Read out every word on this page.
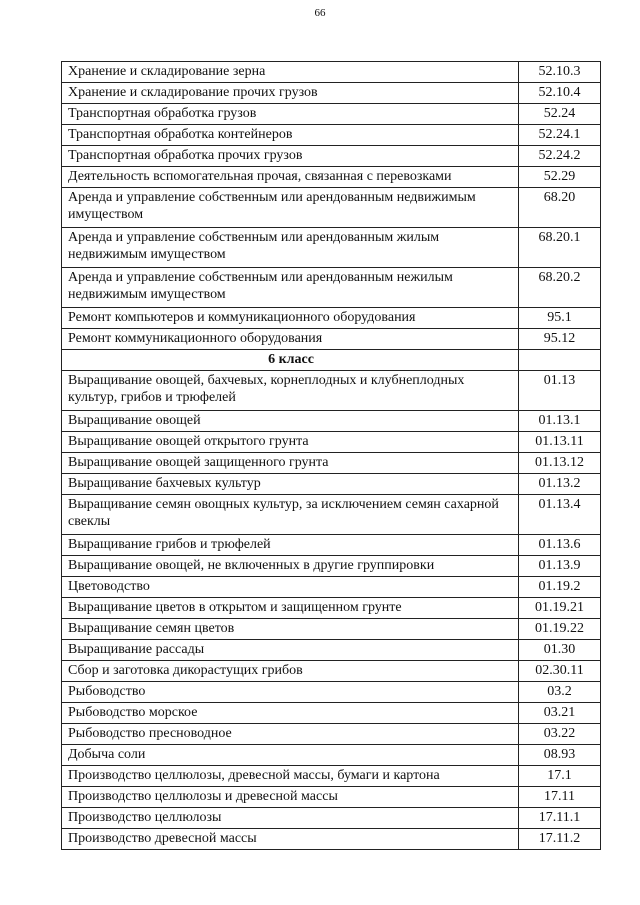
66
Хранение и складирование зерна	52.10.3
Хранение и складирование прочих грузов	52.10.4
Транспортная обработка грузов	52.24
Транспортная обработка контейнеров	52.24.1
Транспортная обработка прочих грузов	52.24.2
Деятельность вспомогательная прочая, связанная с перевозками	52.29
Аренда и управление собственным или арендованным недвижимым имуществом	68.20
Аренда и управление собственным или арендованным жилым недвижимым имуществом	68.20.1
Аренда и управление собственным или арендованным нежилым недвижимым имуществом	68.20.2
Ремонт компьютеров и коммуникационного оборудования	95.1
Ремонт коммуникационного оборудования	95.12
6 класс	
Выращивание овощей, бахчевых, корнеплодных и клубнеплодных культур, грибов и трюфелей	01.13
Выращивание овощей	01.13.1
Выращивание овощей открытого грунта	01.13.11
Выращивание овощей защищенного грунта	01.13.12
Выращивание бахчевых культур	01.13.2
Выращивание семян овощных культур, за исключением семян сахарной свеклы	01.13.4
Выращивание грибов и трюфелей	01.13.6
Выращивание овощей, не включенных в другие группировки	01.13.9
Цветоводство	01.19.2
Выращивание цветов в открытом и защищенном грунте	01.19.21
Выращивание семян цветов	01.19.22
Выращивание рассады	01.30
Сбор и заготовка дикорастущих грибов	02.30.11
Рыбоводство	03.2
Рыбоводство морское	03.21
Рыбоводство пресноводное	03.22
Добыча соли	08.93
Производство целлюлозы, древесной массы, бумаги и картона	17.1
Производство целлюлозы и древесной массы	17.11
Производство целлюлозы	17.11.1
Производство древесной массы	17.11.2
